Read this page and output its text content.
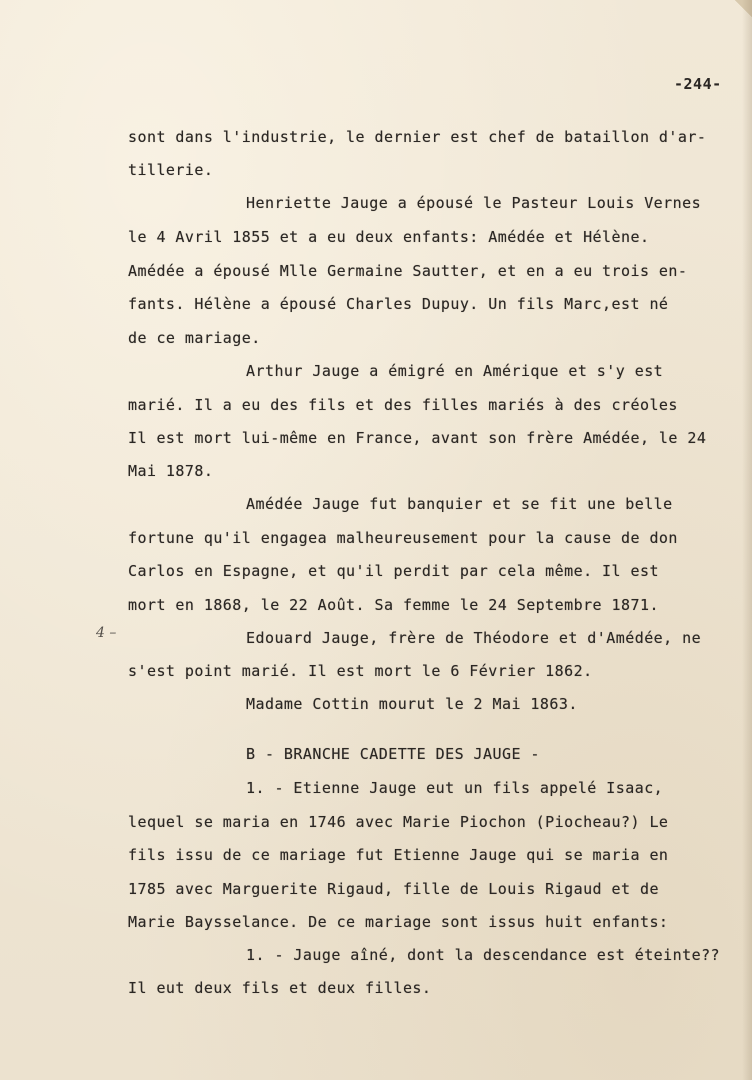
-244-
4 –
sont dans l'industrie, le dernier est chef de bataillon d'ar-
tillerie.
Henriette Jauge a épousé le Pasteur Louis Vernes
le 4 Avril 1855 et a eu deux enfants: Amédée et Hélène.
Amédée a épousé Mlle Germaine Sautter, et en a eu trois en-
fants. Hélène a épousé Charles Dupuy. Un fils Marc,est né
de ce mariage.
Arthur Jauge a émigré en Amérique et s'y est
marié. Il a eu des fils et des filles mariés à des créoles
Il est mort lui-même en France, avant son frère Amédée, le 24
Mai 1878.
Amédée Jauge fut banquier et se fit une belle
fortune qu'il engagea malheureusement pour la cause de don
Carlos en Espagne, et qu'il perdit par cela même. Il est
mort en 1868, le 22 Août. Sa femme le 24 Septembre 1871.
Edouard Jauge, frère de Théodore et d'Amédée, ne
s'est point marié. Il est mort le 6 Février 1862.
Madame Cottin mourut le 2 Mai 1863.
B - BRANCHE CADETTE DES JAUGE -
1. - Etienne Jauge eut un fils appelé Isaac,
lequel se maria en 1746 avec Marie Piochon (Piocheau?) Le
fils issu de ce mariage fut Etienne Jauge qui se maria en
1785 avec Marguerite Rigaud, fille de Louis Rigaud et de
Marie Baysselance. De ce mariage sont issus huit enfants:
1. - Jauge aîné, dont la descendance est éteinte??
Il eut deux fils et deux filles.
